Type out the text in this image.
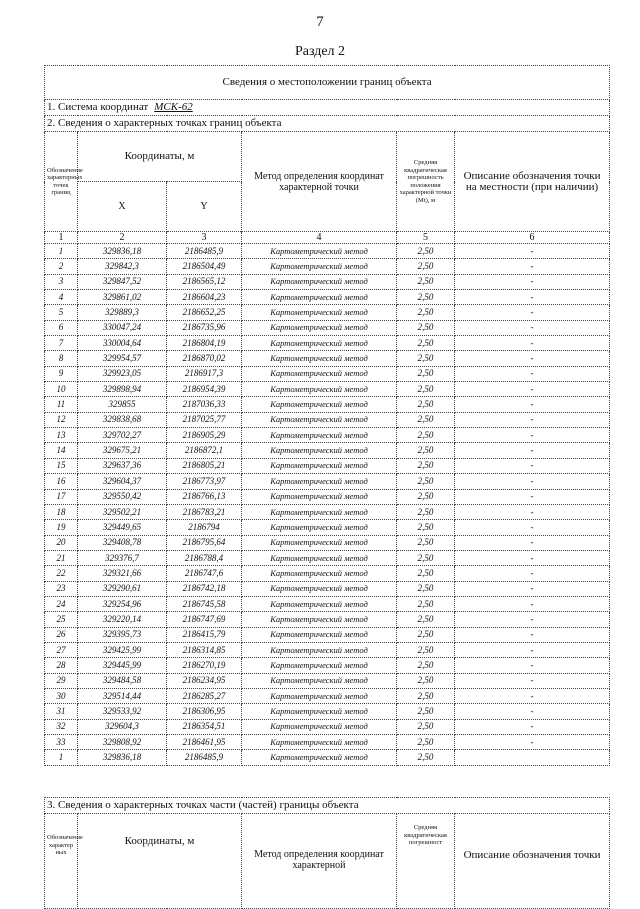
7
Раздел 2
Сведения о местоположении границ объекта					
1. Система координат МСК-62					
2. Сведения о характерных точках границ объекта					
Обозначение характерных точек границ	Координаты, м		Метод определения координат характерной точки	Средняя квадратическая погрешность положения характерной точки (Мt), м	Описание обозначения точки на местности (при наличии)
	X	Y			
1	2	3	4	5	6
1	329836,18	2186485,9	Картометрический метод	2,50	-
2	329842,3	2186504,49	Картометрический метод	2,50	-
3	329847,52	2186565,12	Картометрический метод	2,50	-
4	329861,02	2186604,23	Картометрический метод	2,50	-
5	329889,3	2186652,25	Картометрический метод	2,50	-
6	330047,24	2186735,96	Картометрический метод	2,50	-
7	330004,64	2186804,19	Картометрический метод	2,50	-
8	329954,57	2186870,02	Картометрический метод	2,50	-
9	329923,05	2186917,3	Картометрический метод	2,50	-
10	329898,94	2186954,39	Картометрический метод	2,50	-
11	329855	2187036,33	Картометрический метод	2,50	-
12	329838,68	2187025,77	Картометрический метод	2,50	-
13	329702,27	2186905,29	Картометрический метод	2,50	-
14	329675,21	2186872,1	Картометрический метод	2,50	-
15	329637,36	2186805,21	Картометрический метод	2,50	-
16	329604,37	2186773,97	Картометрический метод	2,50	-
17	329550,42	2186766,13	Картометрический метод	2,50	-
18	329502,21	2186783,21	Картометрический метод	2,50	-
19	329449,65	2186794	Картометрический метод	2,50	-
20	329408,78	2186795,64	Картометрический метод	2,50	-
21	329376,7	2186788,4	Картометрический метод	2,50	-
22	329321,66	2186747,6	Картометрический метод	2,50	-
23	329290,61	2186742,18	Картометрический метод	2,50	-
24	329254,96	2186745,58	Картометрический метод	2,50	-
25	329220,14	2186747,69	Картометрический метод	2,50	-
26	329395,73	2186415,79	Картометрический метод	2,50	-
27	329425,99	2186314,85	Картометрический метод	2,50	-
28	329445,99	2186270,19	Картометрический метод	2,50	-
29	329484,58	2186234,95	Картометрический метод	2,50	-
30	329514,44	2186285,27	Картометрический метод	2,50	-
31	329533,92	2186306,95	Картометрический метод	2,50	-
32	329604,3	2186354,51	Картометрический метод	2,50	-
33	329808,92	2186461,95	Картометрический метод	2,50	-
1	329836,18	2186485,9	Картометрический метод	2,50	
3. Сведения о характерных точках части (частей) границы объекта
Обозначение характер ных	Координаты, м	Метод определения координат характерной	Средняя квадратическая погрешност	Описание обозначения точки
